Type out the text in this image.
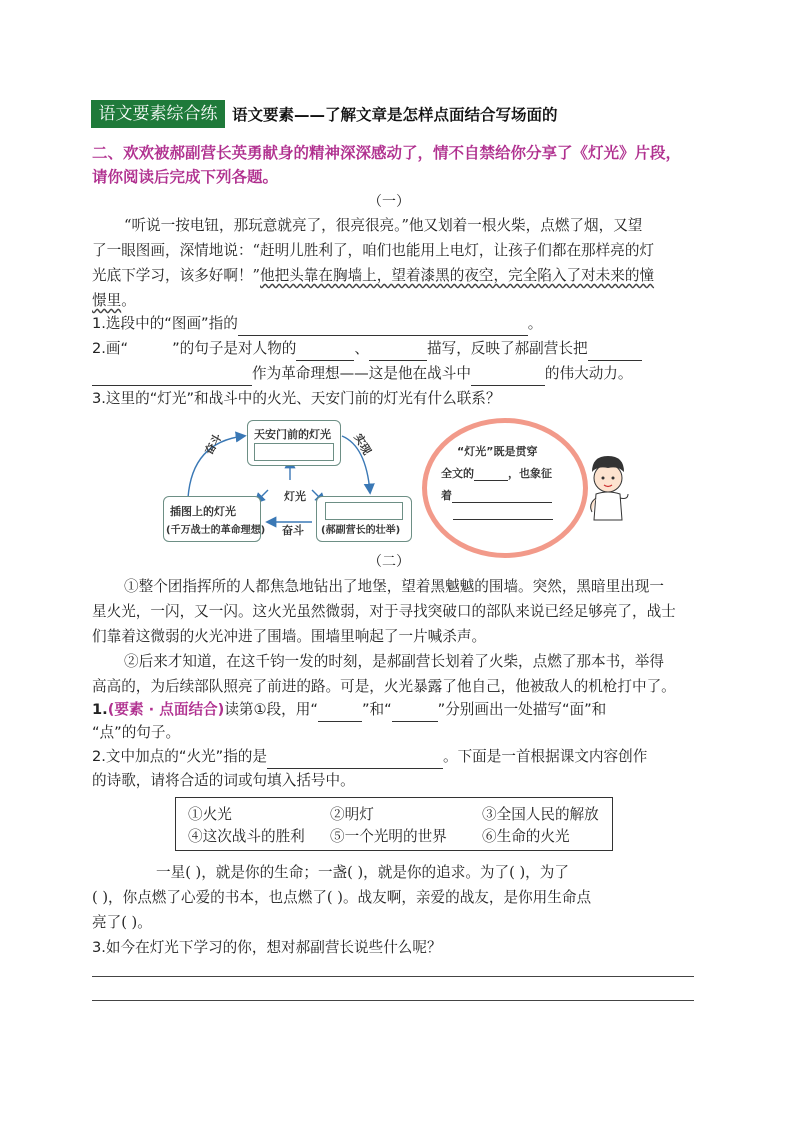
语文要素综合练 语文要素——了解文章是怎样点面结合写场面的
二、欢欢被郝副营长英勇献身的精神深深感动了，情不自禁给你分享了《灯光》片段，
请你阅读后完成下列各题。
（一）
“听说一按电钮，那玩意就亮了，很亮很亮。”他又划着一根火柴，点燃了烟，又望
了一眼图画，深情地说：“赶明儿胜利了，咱们也能用上电灯，让孩子们都在那样亮的灯
光底下学习，该多好啊！”他把头靠在胸墙上，望着漆黑的夜空，完全陷入了对未来的憧
憬里。
1.选段中的“图画”指的	。
2.画“	”的句子是对人物的	、	描写，反映了郝副营长把
作为革命理想——这是他在战斗中	的伟大动力。
3.这里的“灯光”和战斗中的火光、天安门前的灯光有什么联系？
天安门前的灯光
奋斗	实现
灯光
插图上的灯光
(千万战士的革命理想) 奋斗 (郝副营长的壮举)
“灯光”既是贯穿
全文的	，也象征
着
（二）
①整个团指挥所的人都焦急地钻出了地堡，望着黑魆魆的围墙。突然，黑暗里出现一
星火光，一闪，又一闪。这火光虽然微弱，对于寻找突破口的部队来说已经足够亮了，战士
们靠着这微弱的火光冲进了围墙。围墙里响起了一片喊杀声。
②后来才知道，在这千钧一发的时刻，是郝副营长划着了火柴，点燃了那本书，举得
高高的，为后续部队照亮了前进的路。可是，火光暴露了他自己，他被敌人的机枪打中了。
1.(要素 · 点面结合)读第①段，用“	”和“	”分别画出一处描写“面”和
“点”的句子。
2.文中加点的“火光”指的是	。下面是一首根据课文内容创作
的诗歌，请将合适的词或句填入括号中。
①火光	②明灯	③全国人民的解放
④这次战斗的胜利 ⑤一个光明的世界 ⑥生命的火光
一星( )，就是你的生命；一盏( )，就是你的追求。为了( )，为了
( )，你点燃了心爱的书本，也点燃了( )。战友啊，亲爱的战友，是你用生命点
亮了( )。
3.如今在灯光下学习的你，想对郝副营长说些什么呢？
